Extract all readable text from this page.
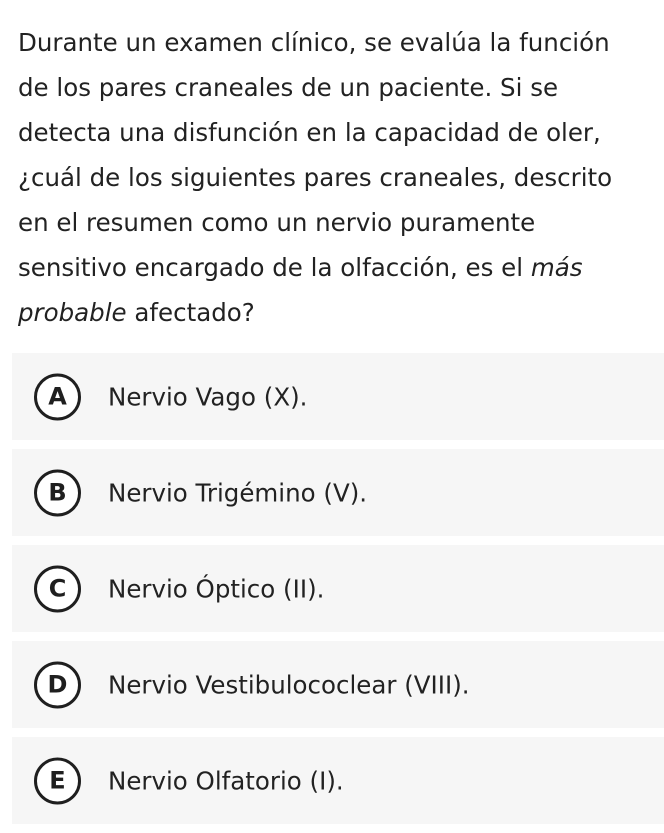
Durante un examen clínico, se evalúa la función de los pares craneales de un paciente. Si se detecta una disfunción en la capacidad de oler, ¿cuál de los siguientes pares craneales, descrito en el resumen como un nervio puramente sensitivo encargado de la olfacción, es el más probable afectado?
A	Nervio Vago (X).
B	Nervio Trigémino (V).
C	Nervio Óptico (II).
D	Nervio Vestibulococlear (VIII).
E	Nervio Olfatorio (I).
